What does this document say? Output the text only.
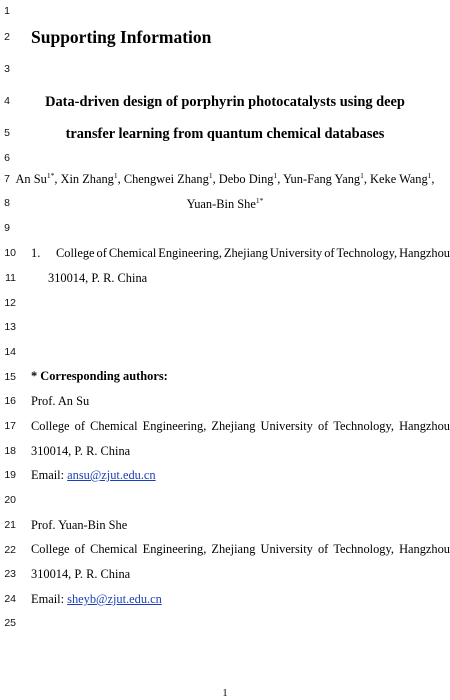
1
2
3
4
5
6
7
8
9
10
11
12
13
14
15
16
17
18
19
20
21
22
23
24
25
Supporting Information
Data-driven design of porphyrin photocatalysts using deep
transfer learning from quantum chemical databases
An $Su^{1*}$, Xin Zhang$^1$, Chengwei Zhang$^1$, Debo Ding$^1$, Yun-Fang Yang$^1$, Keke Wang$^1$,
Yuan-Bin She$^{1*}$
1. College of Chemical Engineering, Zhejiang University of Technology, Hangzhou
310014, P. R. China
* Corresponding authors:
Prof. An Su
College of Chemical Engineering, Zhejiang University of Technology, Hangzhou
310014, P. R. China
Email: ansu@zjut.edu.cn
Prof. Yuan-Bin She
College of Chemical Engineering, Zhejiang University of Technology, Hangzhou
310014, P. R. China
Email: sheyb@zjut.edu.cn
1
